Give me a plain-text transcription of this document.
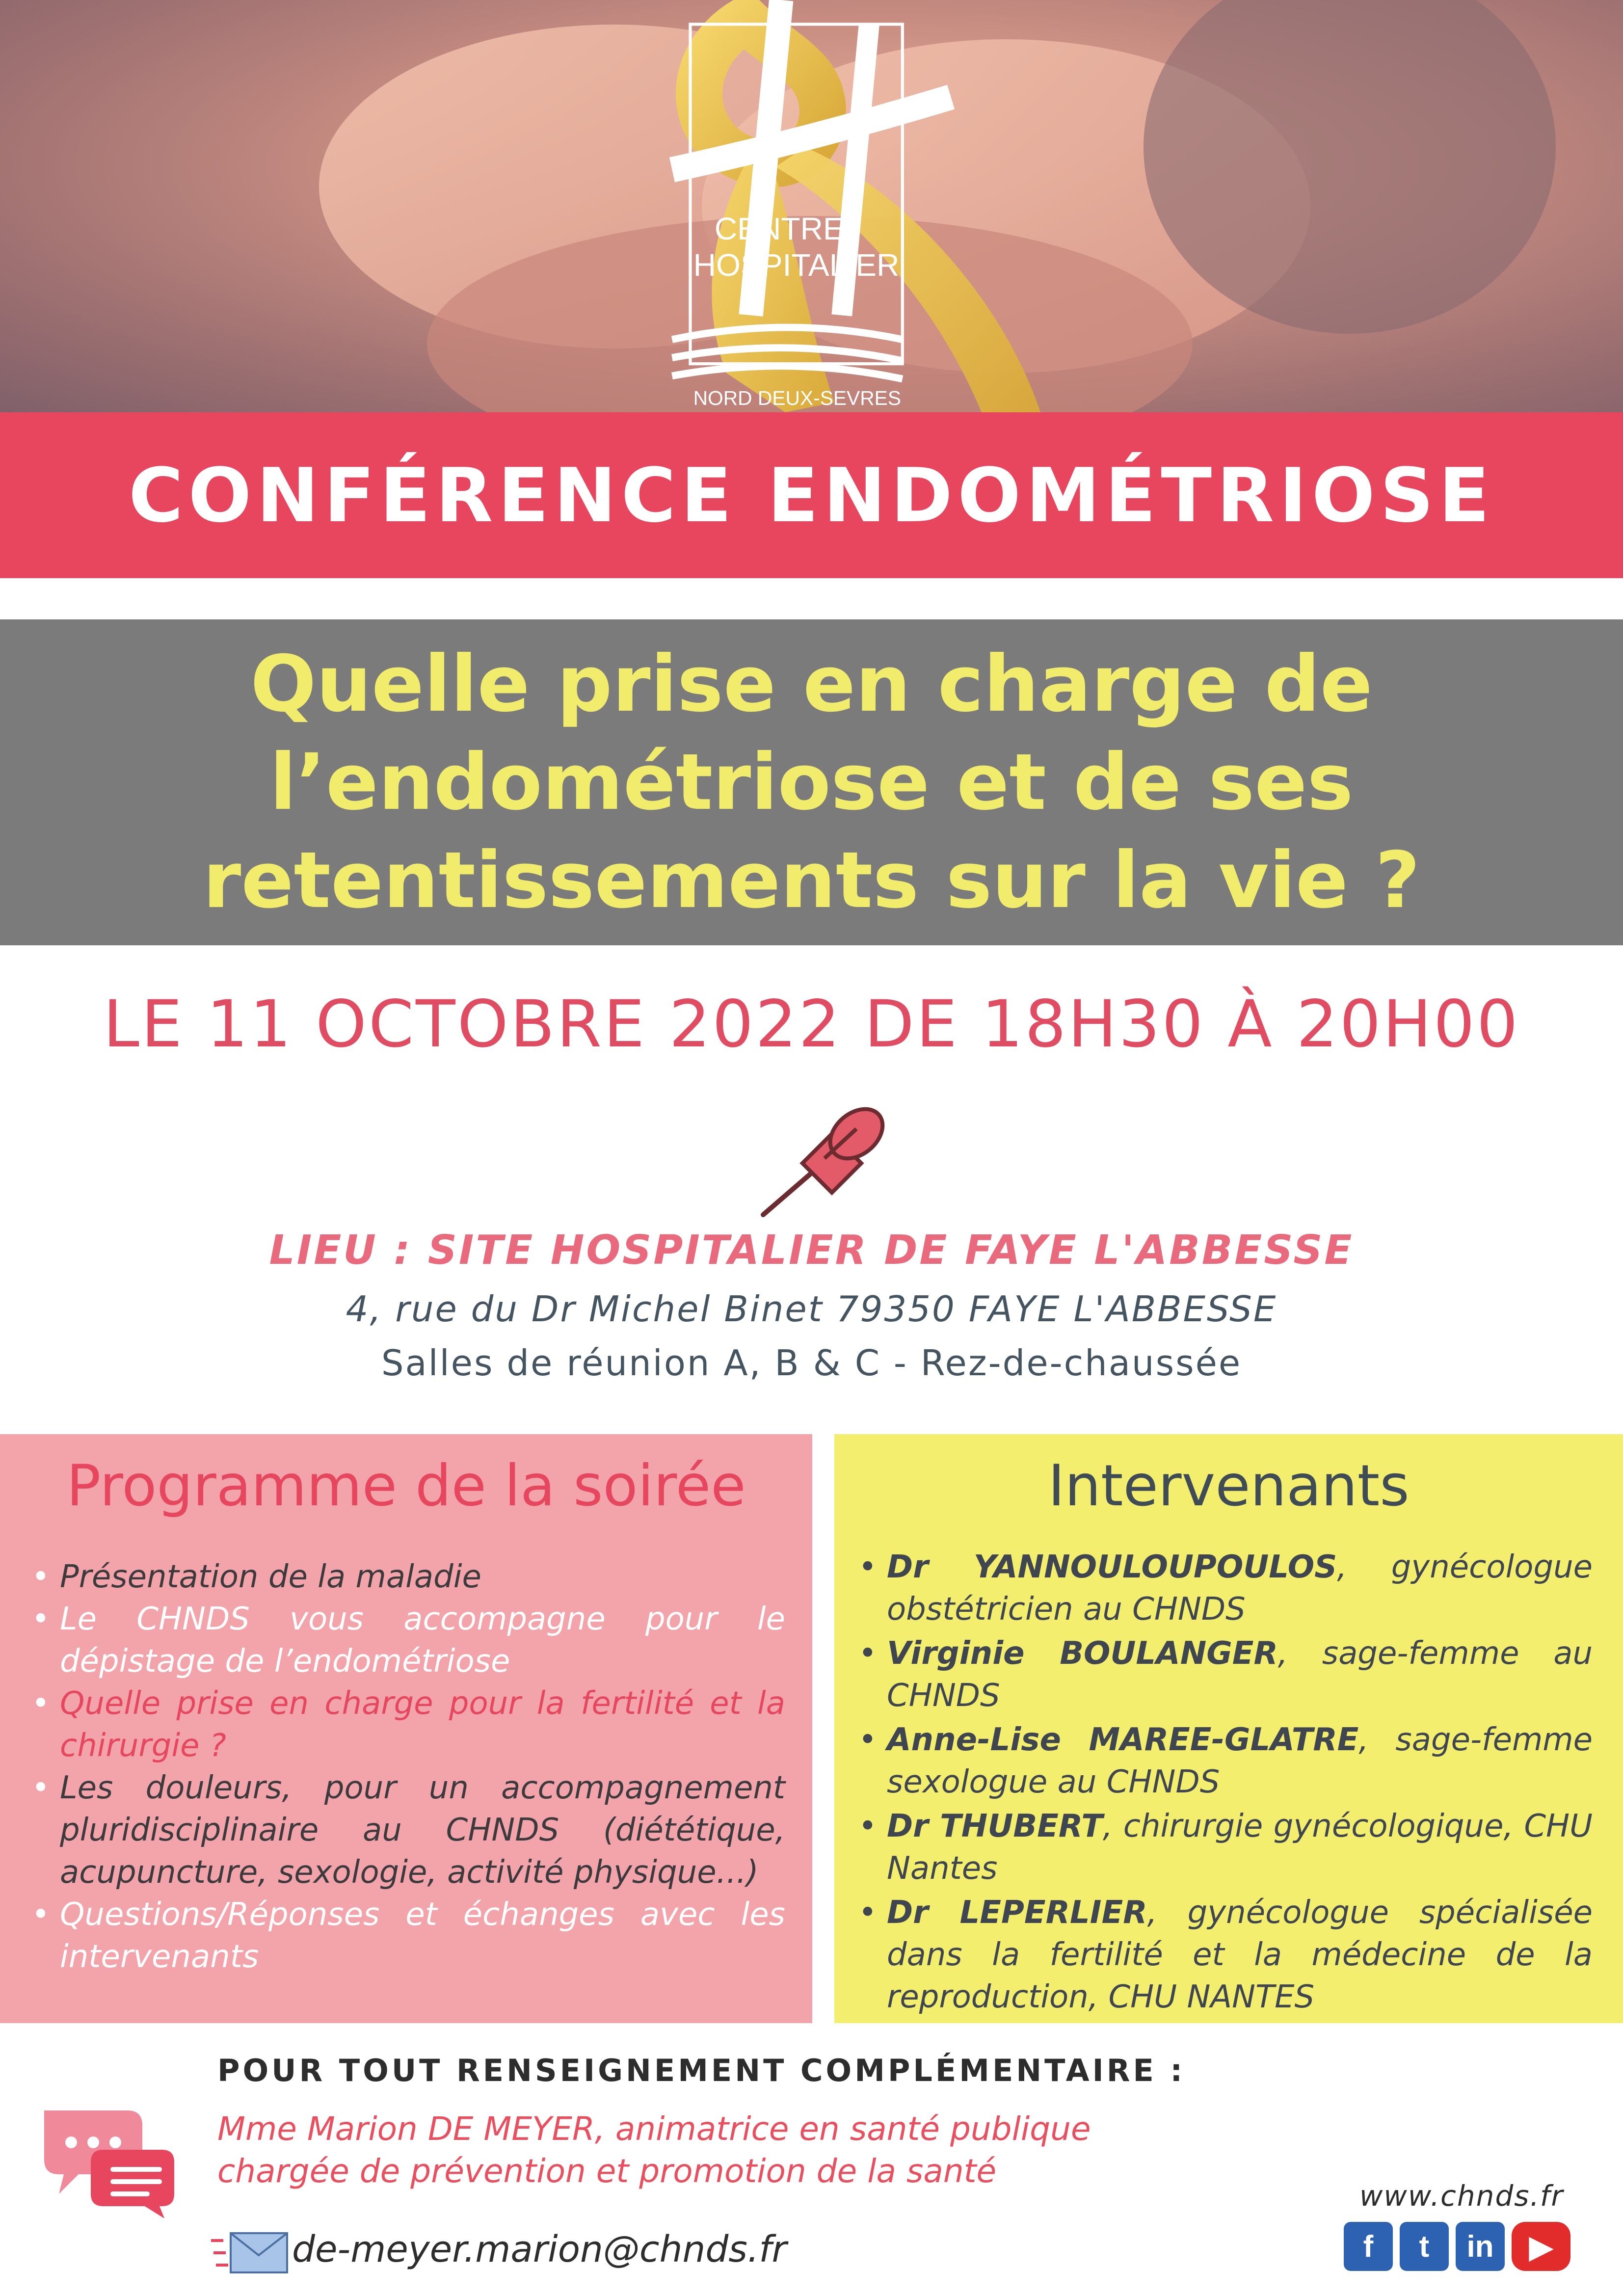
CENTRE
HOSPITALIER
NORD DEUX-SEVRES
CONFÉRENCE ENDOMÉTRIOSE
Quelle prise en charge de
l’endométriose et de ses
retentissements sur la vie ?
LE 11 OCTOBRE 2022 DE 18H30 À 20H00
LIEU : SITE HOSPITALIER DE FAYE L'ABBESSE
4, rue du Dr Michel Binet 79350 FAYE L'ABBESSE
Salles de réunion A, B & C - Rez-de-chaussée
Programme de la soirée
• Présentation de la maladie
• Le CHNDS vous accompagne pour le dépistage de l’endométriose
• Quelle prise en charge pour la fertilité et la chirurgie ?
• Les douleurs, pour un accompagnement pluridisciplinaire au CHNDS (diététique, acupuncture, sexologie, activité physique...)
• Questions/Réponses et échanges avec les intervenants
Intervenants
• Dr YANNOULOUPOULOS, gynécologue obstétricien au CHNDS
• Virginie BOULANGER, sage-femme au CHNDS
• Anne-Lise MAREE-GLATRE, sage-femme sexologue au CHNDS
• Dr THUBERT, chirurgie gynécologique, CHU Nantes
• Dr LEPERLIER, gynécologue spécialisée dans la fertilité et la médecine de la reproduction, CHU NANTES
POUR TOUT RENSEIGNEMENT COMPLÉMENTAIRE :
Mme Marion DE MEYER, animatrice en santé publique
chargée de prévention et promotion de la santé
de-meyer.marion@chnds.fr
www.chnds.fr
f	t	in	▶
